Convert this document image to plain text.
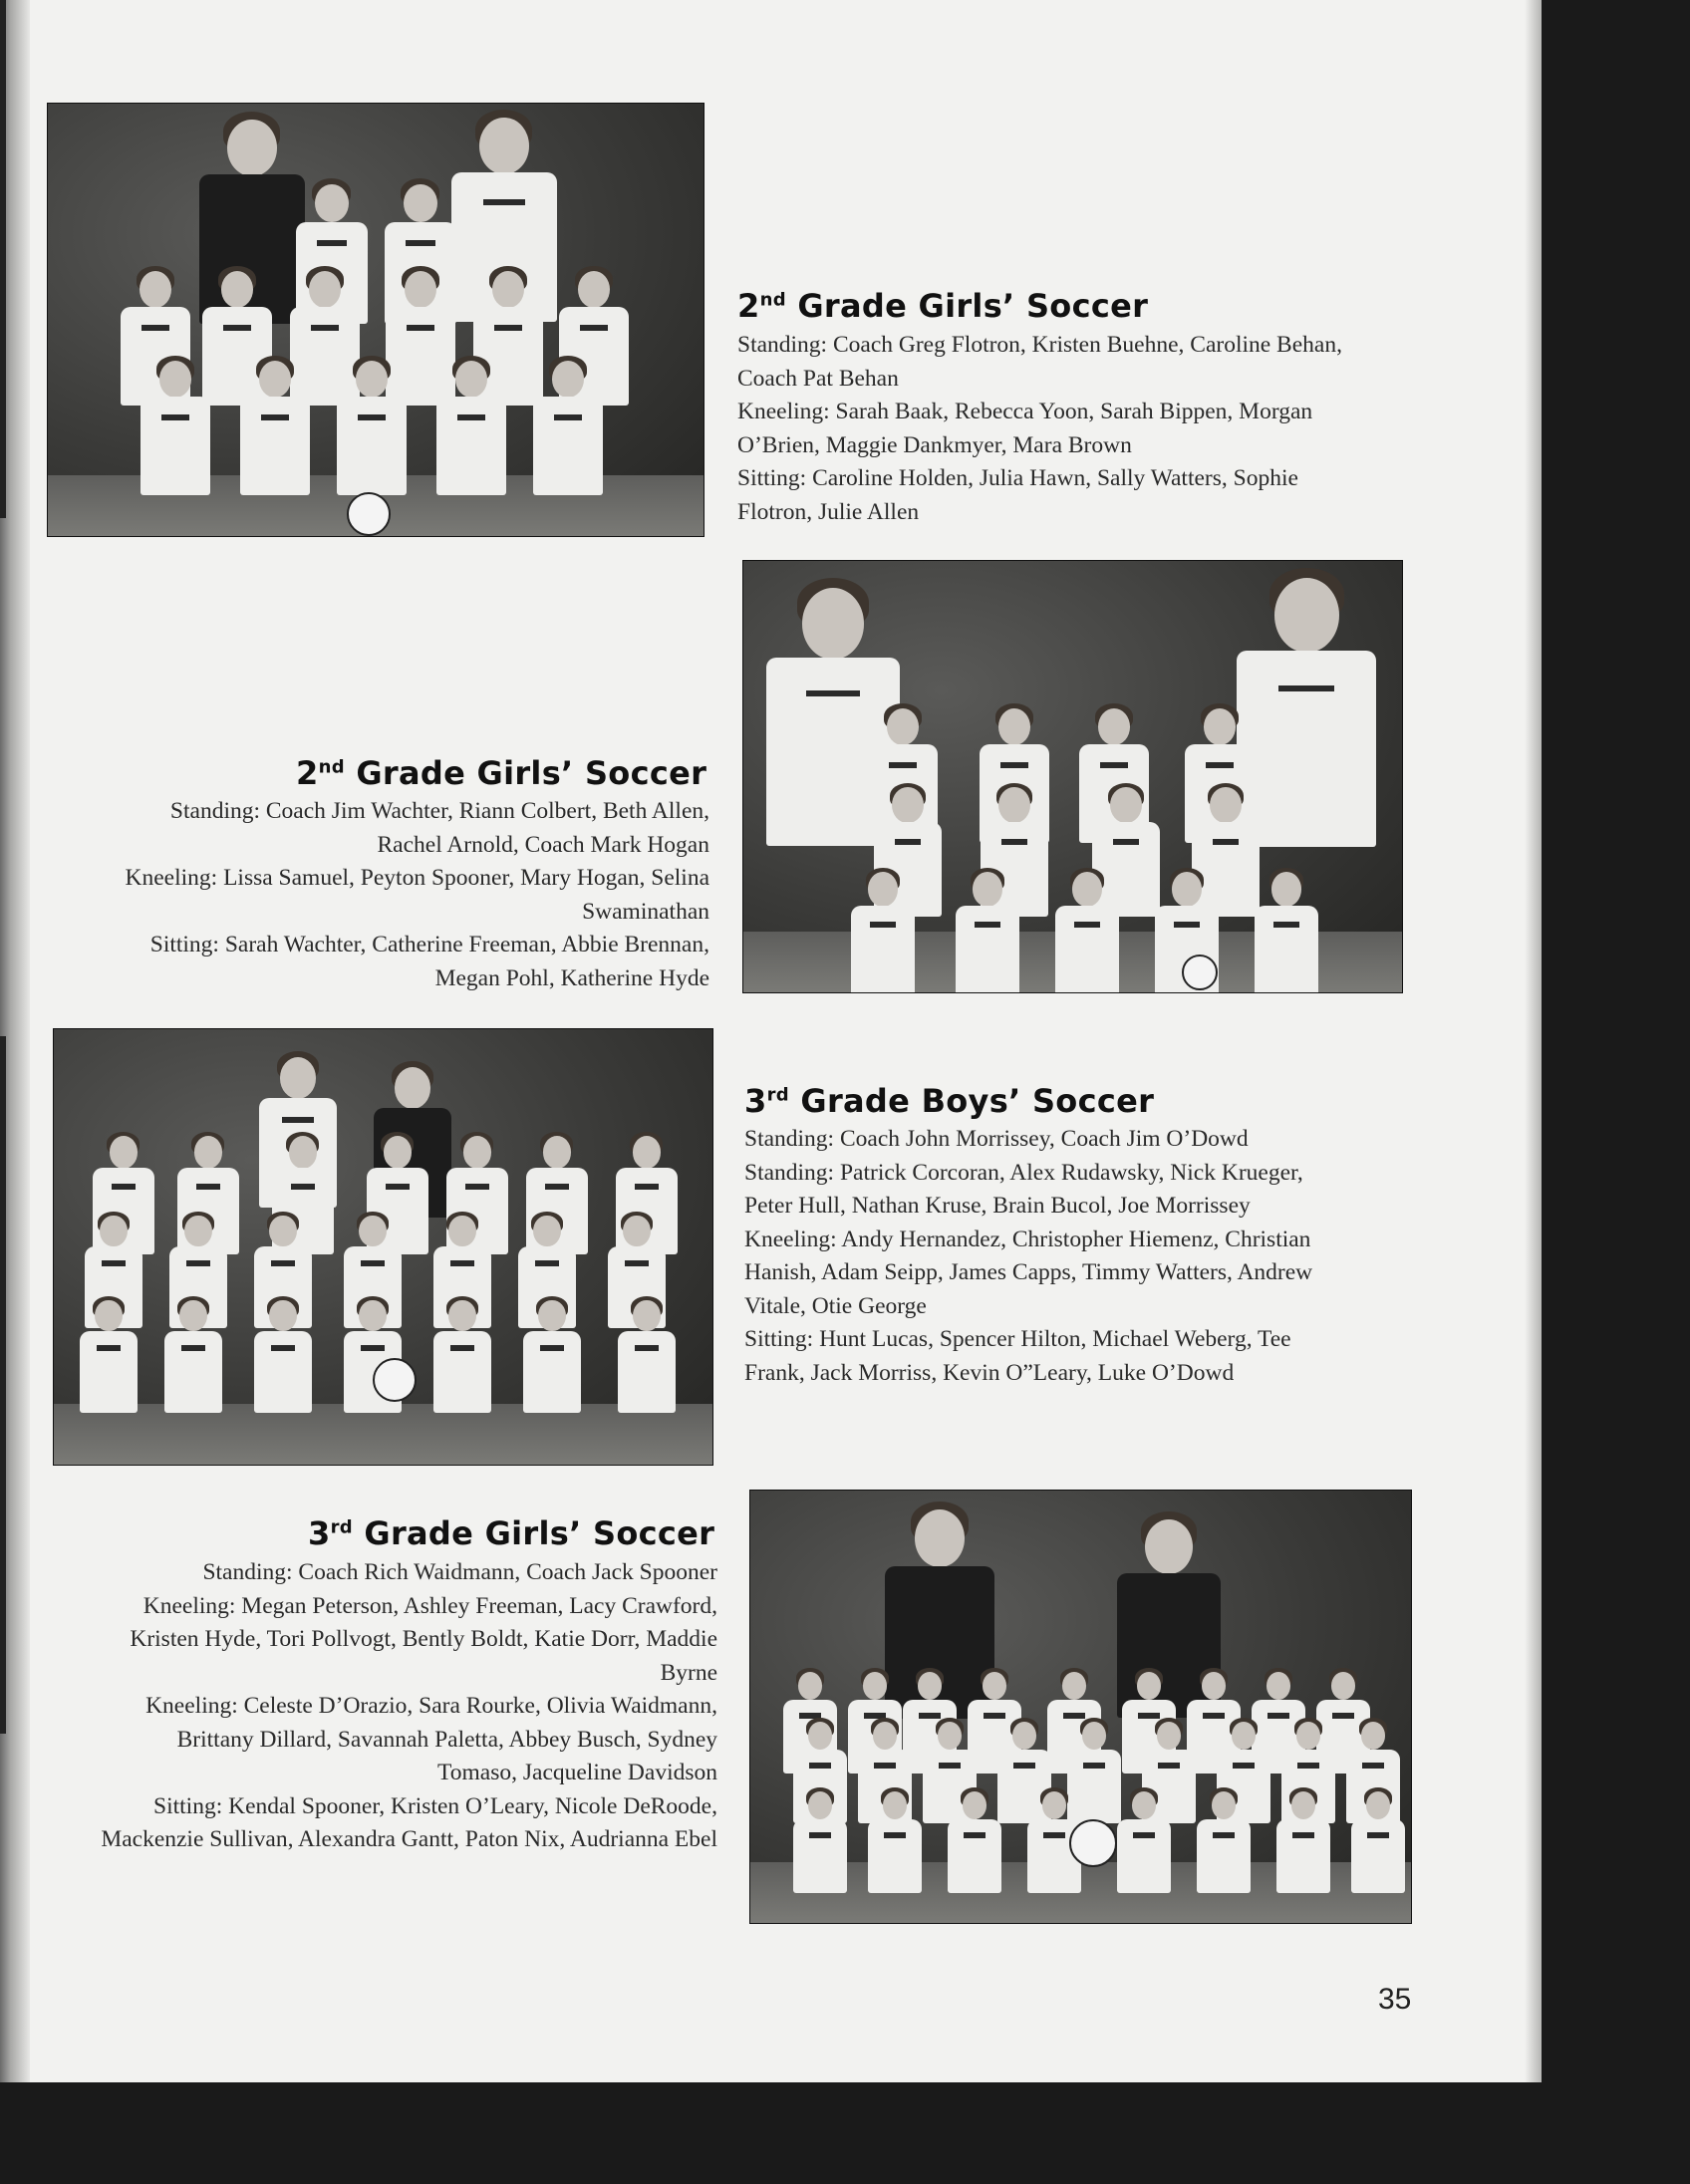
2nd Grade Girls’ Soccer

Standing: Coach Greg Flotron, Kristen Buehne, Caroline Behan, Coach Pat Behan

Kneeling: Sarah Baak, Rebecca Yoon, Sarah Bippen, Morgan O’Brien, Maggie Dankmyer, Mara Brown

Sitting: Caroline Holden, Julia Hawn, Sally Watters, Sophie Flotron, Julie Allen

2nd Grade Girls’ Soccer

Standing: Coach Jim Wachter, Riann Colbert, Beth Allen, Rachel Arnold, Coach Mark Hogan

Kneeling: Lissa Samuel, Peyton Spooner, Mary Hogan, Selina Swaminathan

Sitting: Sarah Wachter, Catherine Freeman, Abbie Brennan, Megan Pohl, Katherine Hyde

3rd Grade Boys’ Soccer

Standing: Coach John Morrissey, Coach Jim O’Dowd

Standing: Patrick Corcoran, Alex Rudawsky, Nick Krueger, Peter Hull, Nathan Kruse, Brain Bucol, Joe Morrissey

Kneeling: Andy Hernandez, Christopher Hiemenz, Christian Hanish, Adam Seipp, James Capps, Timmy Watters, Andrew Vitale, Otie George

Sitting: Hunt Lucas, Spencer Hilton, Michael Weberg, Tee Frank, Jack Morriss, Kevin O”Leary, Luke O’Dowd

3rd Grade Girls’ Soccer

Standing: Coach Rich Waidmann, Coach Jack Spooner

Kneeling: Megan Peterson, Ashley Freeman, Lacy Crawford, Kristen Hyde, Tori Pollvogt, Bently Boldt, Katie Dorr, Maddie Byrne

Kneeling: Celeste D’Orazio, Sara Rourke, Olivia Waidmann, Brittany Dillard, Savannah Paletta, Abbey Busch, Sydney Tomaso, Jacqueline Davidson

Sitting: Kendal Spooner, Kristen O’Leary, Nicole DeRoode, Mackenzie Sullivan, Alexandra Gantt, Paton Nix, Audrianna Ebel

35
